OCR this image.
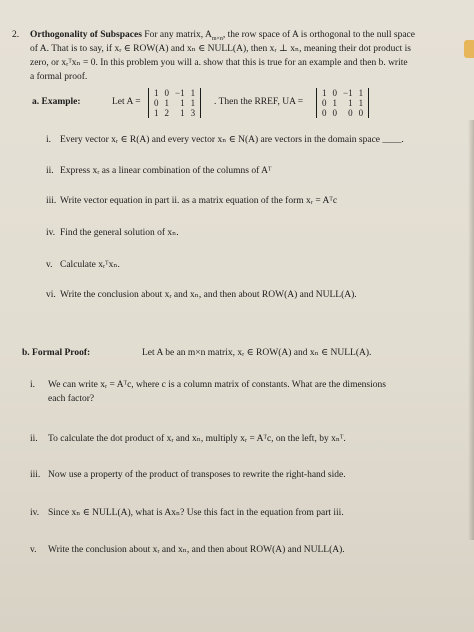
2. Orthogonality of Subspaces For any matrix, $A_{m\times n}$, the row space of A is orthogonal to the null space
of A. That is to say, if xᵣ ∈ ROW(A) and xₙ ∈ NULL(A), then xᵣ ⊥ xₙ, meaning their dot product is
zero, or xᵣᵀxₙ = 0. In this problem you will a. show that this is true for an example and then b. write
a formal proof.
a. Example:	Let A =
1	0	−1	1
0	1	1	1
1	2	1	3
. Then the RREF, UA =
1	0	−1	1
0	1	1	1
0	0	0	0
i. Every vector xᵣ ∈ R(A) and every vector xₙ ∈ N(A) are vectors in the domain space ____.
ii. Express xᵣ as a linear combination of the columns of Aᵀ
iii. Write vector equation in part ii. as a matrix equation of the form xᵣ = Aᵀc
iv. Find the general solution of xₙ.
v. Calculate xᵣᵀxₙ.
vi. Write the conclusion about xᵣ and xₙ, and then about ROW(A) and NULL(A).
b. Formal Proof:	Let A be an m×n matrix, xᵣ ∈ ROW(A) and xₙ ∈ NULL(A).
i. We can write xᵣ = Aᵀc, where c is a column matrix of constants. What are the dimensions
each factor?
ii. To calculate the dot product of xᵣ and xₙ, multiply xᵣ = Aᵀc, on the left, by xₙᵀ.
iii. Now use a property of the product of transposes to rewrite the right-hand side.
iv. Since xₙ ∈ NULL(A), what is Axₙ? Use this fact in the equation from part iii.
v. Write the conclusion about xᵣ and xₙ, and then about ROW(A) and NULL(A).
